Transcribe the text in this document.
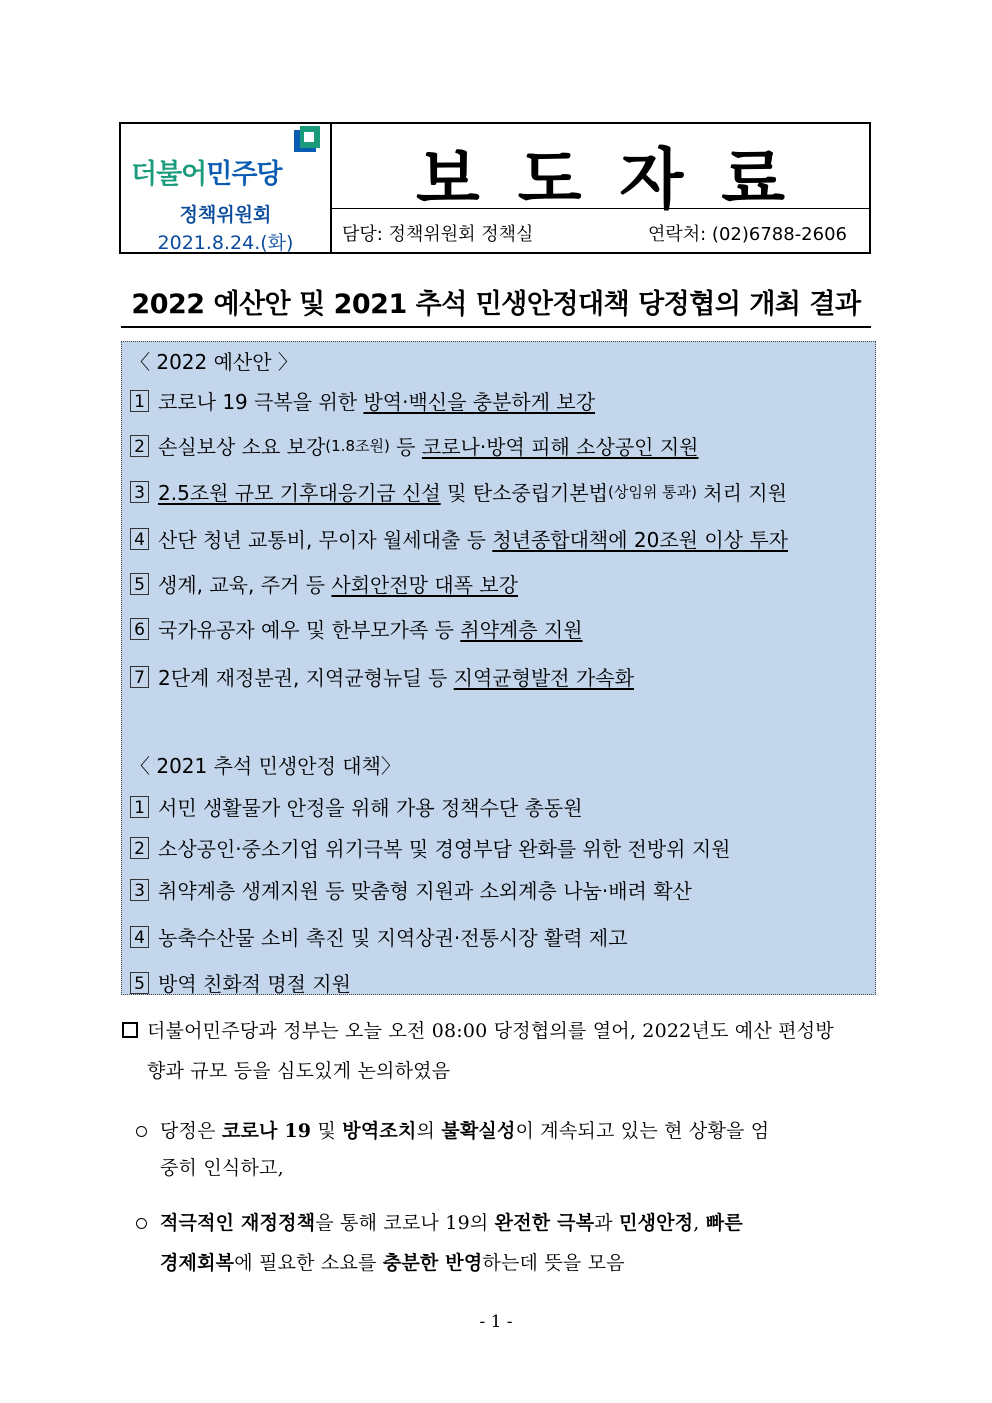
더불어민주당
정책위원회
2021.8.24.(화)
보도자료
담당: 정책위원회 정책실	연락처: (02)6788-2606
2022 예산안 및 2021 추석 민생안정대책 당정협의 개최 결과
〈 2022 예산안 〉
1 코로나 19 극복을 위한
방역·백신을 충분하게 보강
2 손실보상 소요 보강 (1.8조원) 등 코로나·방역 피해 소상공인 지원
3 2.5조원 규모 기후대응기금 신설 및 탄소중립기본법 (상임위 통과) 처리 지원
4 산단 청년 교통비, 무이자 월세대출 등 청년종합대책에 20조원 이상 투자
5 생계, 교육, 주거 등 사회안전망 대폭 보강
6 국가유공자 예우 및 한부모가족 등 취약계층 지원
7 2단계 재정분권, 지역균형뉴딜 등 지역균형발전 가속화
〈 2021 추석 민생안정 대책〉
1 서민 생활물가 안정을 위해 가용 정책수단 총동원
2 소상공인·중소기업 위기극복 및 경영부담 완화를 위한 전방위 지원
3 취약계층 생계지원 등 맞춤형 지원과 소외계층 나눔·배려 확산
4 농축수산물 소비 촉진 및 지역상권·전통시장 활력 제고
5 방역 친화적 명절 지원
더불어민주당과 정부는 오늘 오전 08:00 당정협의를 열어, 2022년도 예산 편성방
향과 규모 등을 심도있게 논의하였음
당정은 코로나 19 및 방역조치의 불확실성이 계속되고 있는 현 상황을 엄
중히 인식하고,
적극적인 재정정책을 통해 코로나 19의 완전한 극복과 민생안정, 빠른
경제회복에 필요한 소요를 충분한 반영하는데 뜻을 모음
- 1 -
